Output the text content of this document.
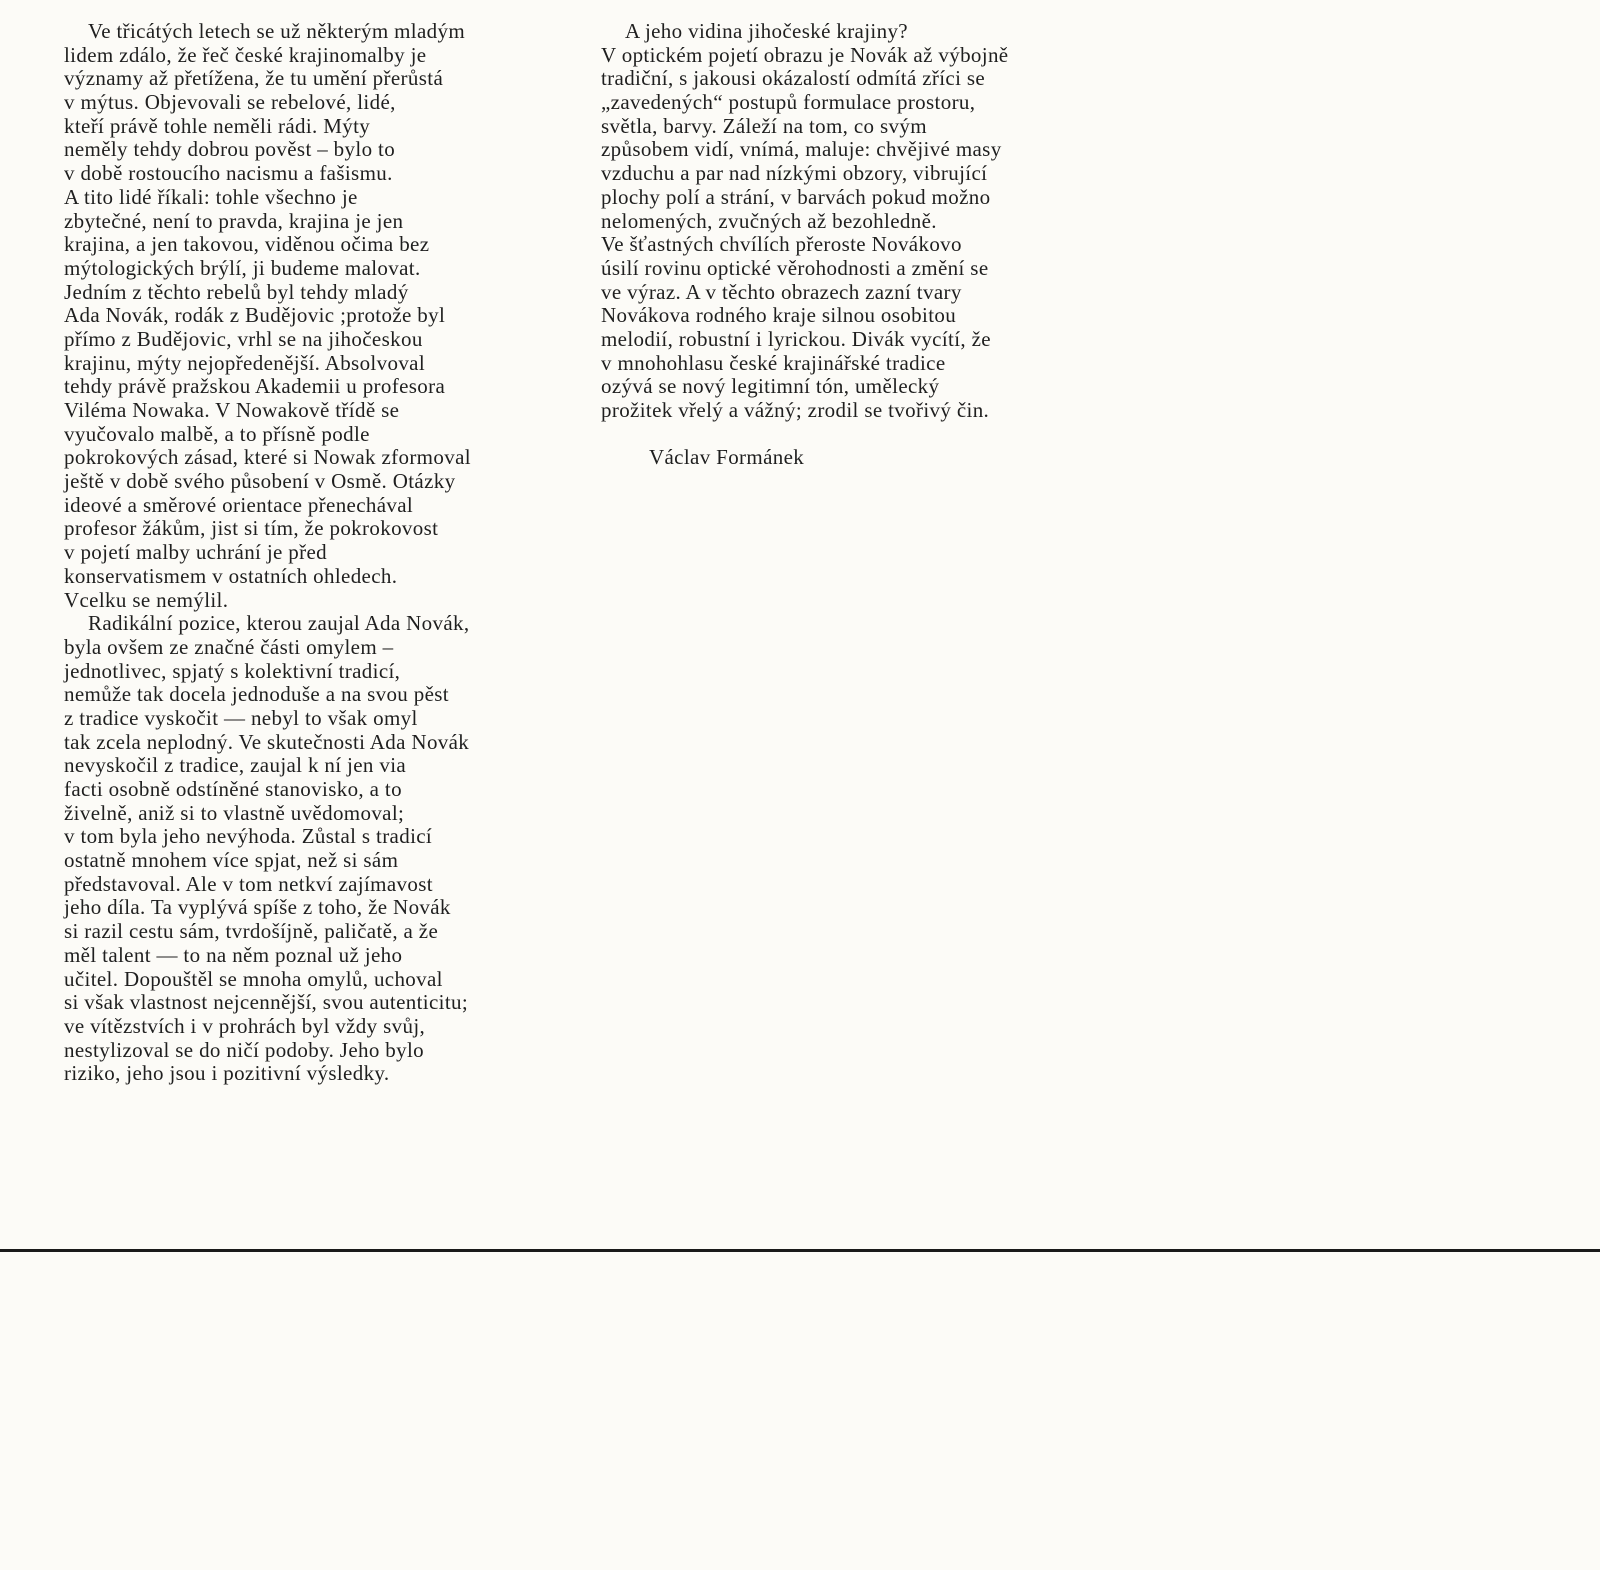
Ve třicátých letech se už některým mladým
lidem zdálo, že řeč české krajinomalby je
významy až přetížena, že tu umění přerůstá
v mýtus. Objevovali se rebelové, lidé,
kteří právě tohle neměli rádi. Mýty
neměly tehdy dobrou pověst – bylo to
v době rostoucího nacismu a fašismu.
A tito lidé říkali: tohle všechno je
zbytečné, není to pravda, krajina je jen
krajina, a jen takovou, viděnou očima bez
mýtologických brýlí, ji budeme malovat.
Jedním z těchto rebelů byl tehdy mladý
Ada Novák, rodák z Budějovic ;protože byl
přímo z Budějovic, vrhl se na jihočeskou
krajinu, mýty nejopředenější. Absolvoval
tehdy právě pražskou Akademii u profesora
Viléma Nowaka. V Nowakově třídě se
vyučovalo malbě, a to přísně podle
pokrokových zásad, které si Nowak zformoval
ještě v době svého působení v Osmě. Otázky
ideové a směrové orientace přenechával
profesor žákům, jist si tím, že pokrokovost
v pojetí malby uchrání je před
konservatismem v ostatních ohledech.
Vcelku se nemýlil.
Radikální pozice, kterou zaujal Ada Novák,
byla ovšem ze značné části omylem –
jednotlivec, spjatý s kolektivní tradicí,
nemůže tak docela jednoduše a na svou pěst
z tradice vyskočit — nebyl to však omyl
tak zcela neplodný. Ve skutečnosti Ada Novák
nevyskočil z tradice, zaujal k ní jen via
facti osobně odstíněné stanovisko, a to
živelně, aniž si to vlastně uvědomoval;
v tom byla jeho nevýhoda. Zůstal s tradicí
ostatně mnohem více spjat, než si sám
představoval. Ale v tom netkví zajímavost
jeho díla. Ta vyplývá spíše z toho, že Novák
si razil cestu sám, tvrdošíjně, paličatě, a že
měl talent — to na něm poznal už jeho
učitel. Dopouštěl se mnoha omylů, uchoval
si však vlastnost nejcennější, svou autenticitu;
ve vítězstvích i v prohrách byl vždy svůj,
nestylizoval se do ničí podoby. Jeho bylo
riziko, jeho jsou i pozitivní výsledky.
A jeho vidina jihočeské krajiny?
V optickém pojetí obrazu je Novák až výbojně
tradiční, s jakousi okázalostí odmítá zříci se
„zavedených“ postupů formulace prostoru,
světla, barvy. Záleží na tom, co svým
způsobem vidí, vnímá, maluje: chvějivé masy
vzduchu a par nad nízkými obzory, vibrující
plochy polí a strání, v barvách pokud možno
nelomených, zvučných až bezohledně.
Ve šťastných chvílích přeroste Novákovo
úsilí rovinu optické věrohodnosti a změní se
ve výraz. A v těchto obrazech zazní tvary
Novákova rodného kraje silnou osobitou
melodií, robustní i lyrickou. Divák vycítí, že
v mnohohlasu české krajinářské tradice
ozývá se nový legitimní tón, umělecký
prožitek vřelý a vážný; zrodil se tvořivý čin.
Václav Formánek
